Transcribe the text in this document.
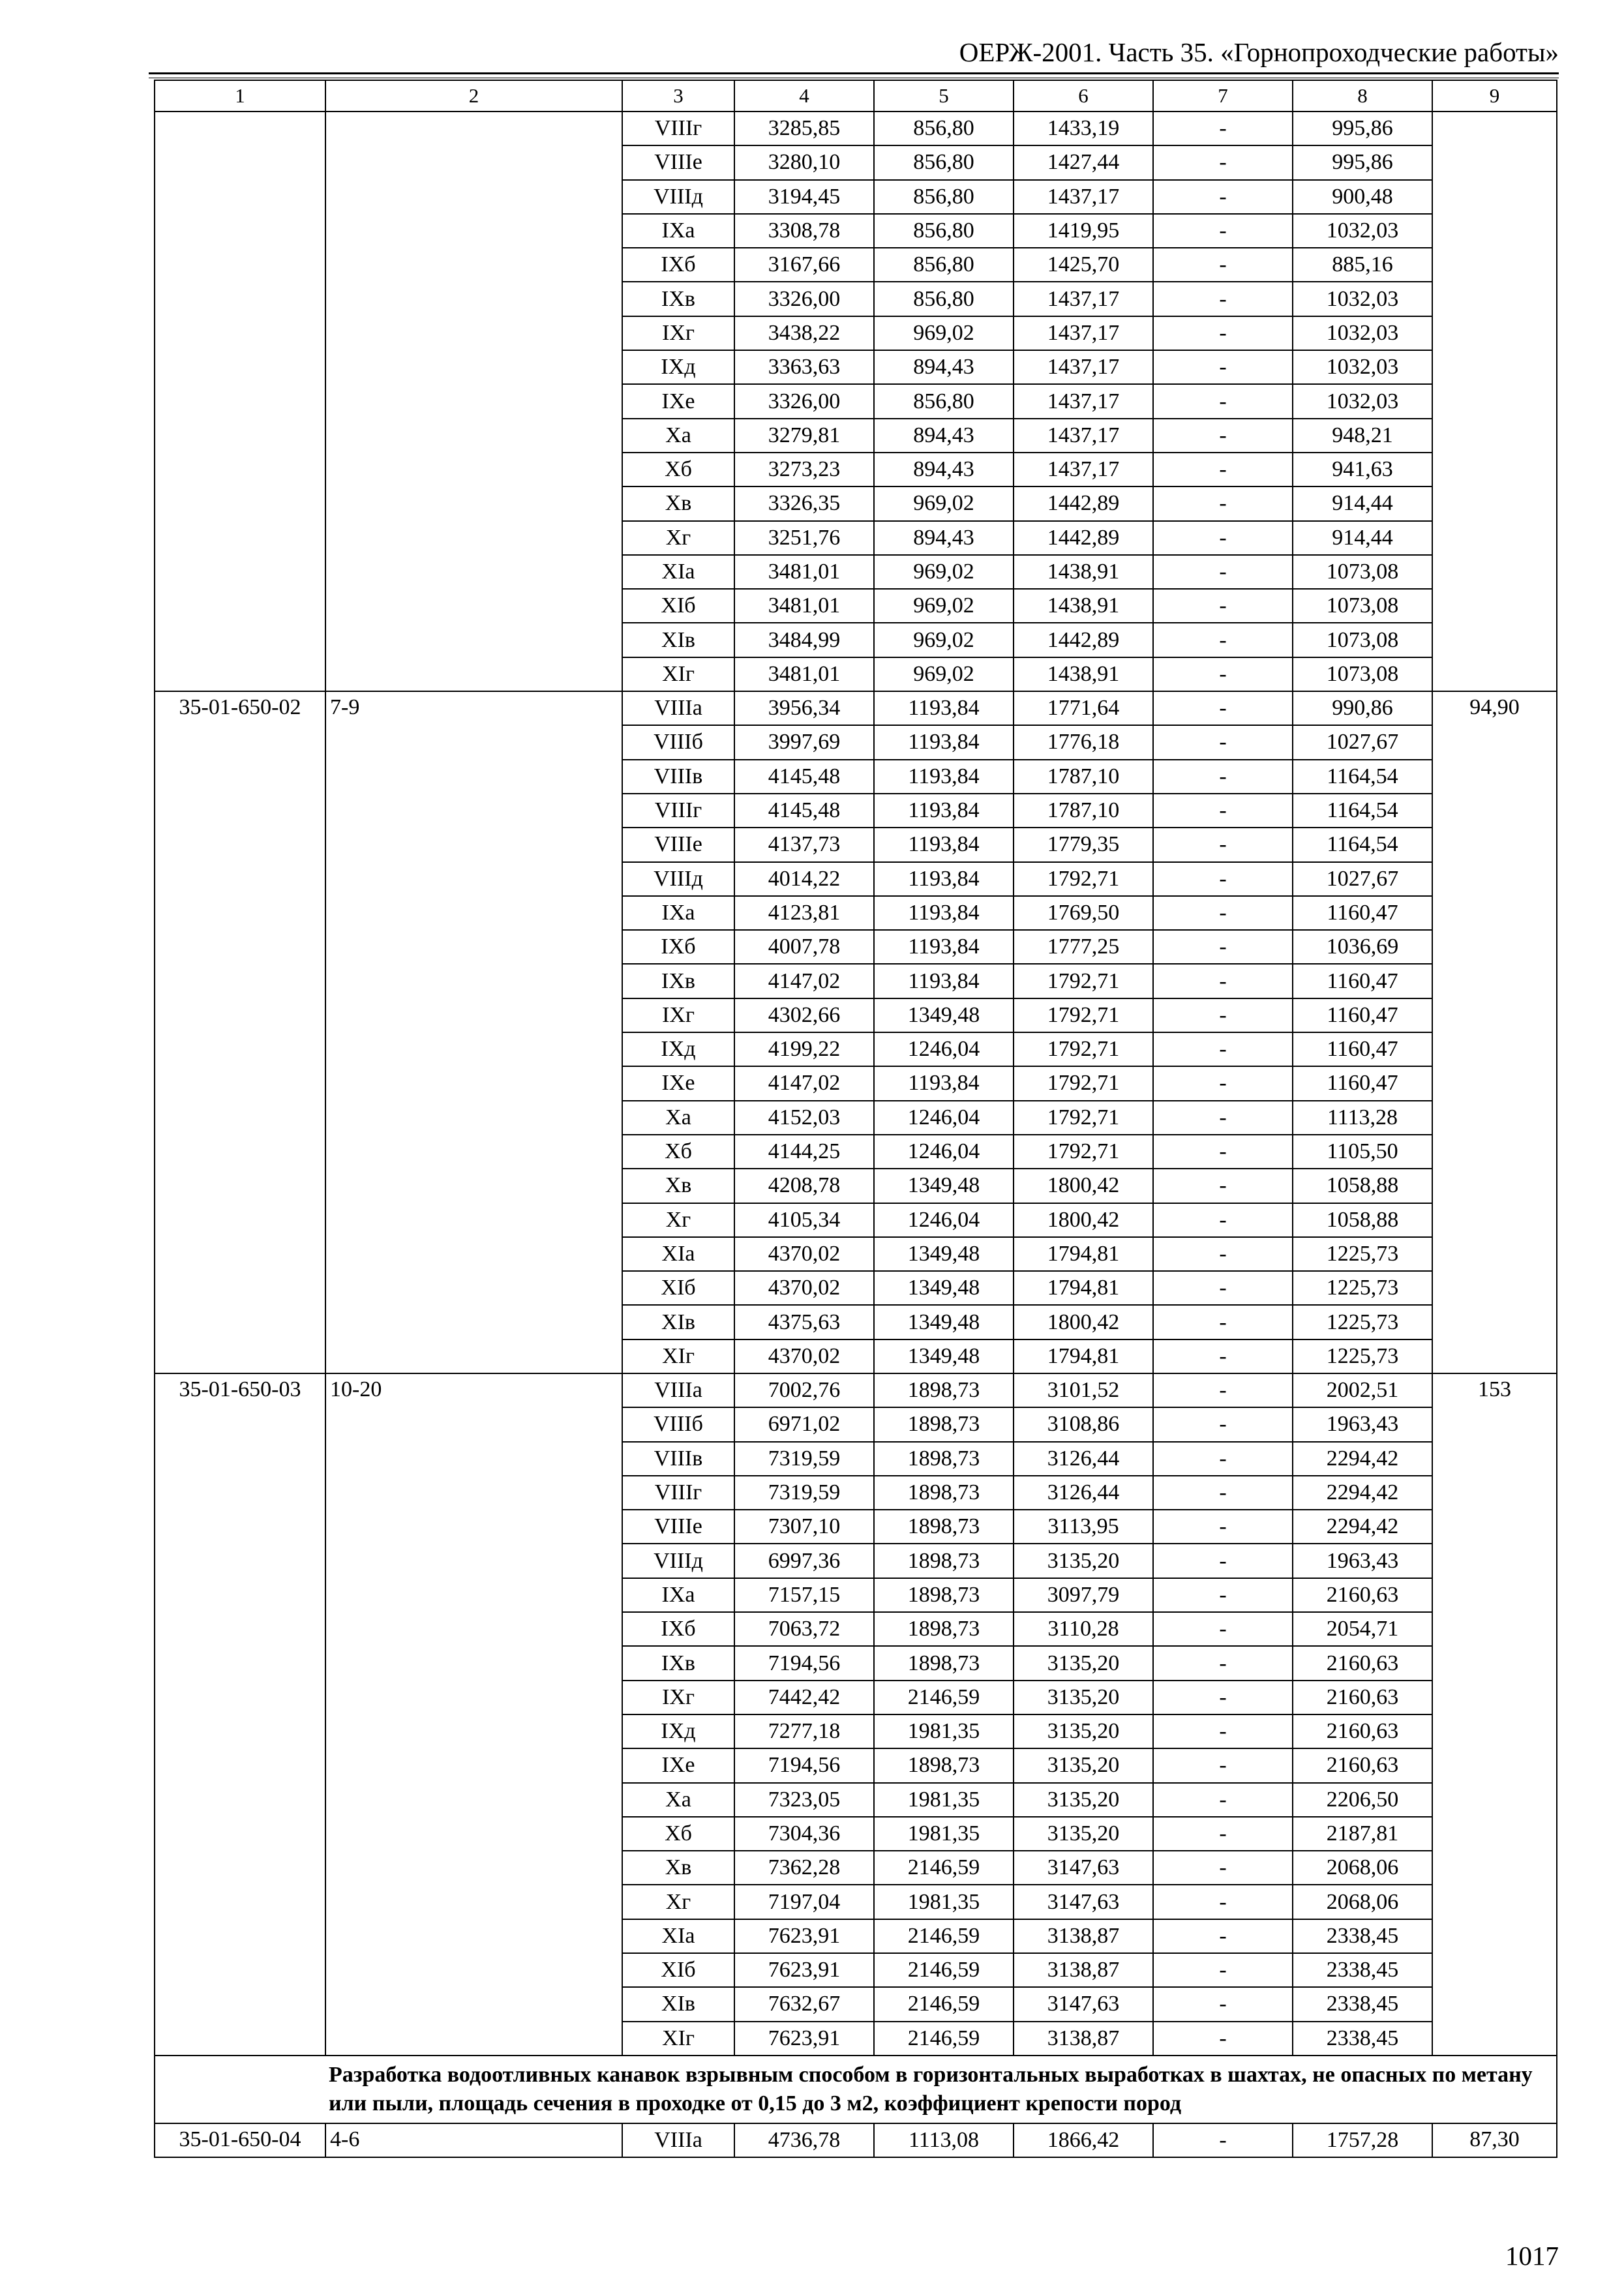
ОЕРЖ-2001. Часть 35. «Горнопроходческие работы»
1	2	3	4	5	6	7	8	9
		VIIIг	3285,85	856,80	1433,19	-	995,86	
		VIIIе	3280,10	856,80	1427,44	-	995,86	
		VIIIд	3194,45	856,80	1437,17	-	900,48	
		IXа	3308,78	856,80	1419,95	-	1032,03	
		IXб	3167,66	856,80	1425,70	-	885,16	
		IXв	3326,00	856,80	1437,17	-	1032,03	
		IXг	3438,22	969,02	1437,17	-	1032,03	
		IXд	3363,63	894,43	1437,17	-	1032,03	
		IXе	3326,00	856,80	1437,17	-	1032,03	
		Xа	3279,81	894,43	1437,17	-	948,21	
		Xб	3273,23	894,43	1437,17	-	941,63	
		Xв	3326,35	969,02	1442,89	-	914,44	
		Xг	3251,76	894,43	1442,89	-	914,44	
		XIа	3481,01	969,02	1438,91	-	1073,08	
		XIб	3481,01	969,02	1438,91	-	1073,08	
		XIв	3484,99	969,02	1442,89	-	1073,08	
		XIг	3481,01	969,02	1438,91	-	1073,08	
35-01-650-02	7-9	VIIIа	3956,34	1193,84	1771,64	-	990,86	94,90
		VIIIб	3997,69	1193,84	1776,18	-	1027,67	
		VIIIв	4145,48	1193,84	1787,10	-	1164,54	
		VIIIг	4145,48	1193,84	1787,10	-	1164,54	
		VIIIе	4137,73	1193,84	1779,35	-	1164,54	
		VIIIд	4014,22	1193,84	1792,71	-	1027,67	
		IXа	4123,81	1193,84	1769,50	-	1160,47	
		IXб	4007,78	1193,84	1777,25	-	1036,69	
		IXв	4147,02	1193,84	1792,71	-	1160,47	
		IXг	4302,66	1349,48	1792,71	-	1160,47	
		IXд	4199,22	1246,04	1792,71	-	1160,47	
		IXе	4147,02	1193,84	1792,71	-	1160,47	
		Xа	4152,03	1246,04	1792,71	-	1113,28	
		Xб	4144,25	1246,04	1792,71	-	1105,50	
		Xв	4208,78	1349,48	1800,42	-	1058,88	
		Xг	4105,34	1246,04	1800,42	-	1058,88	
		XIа	4370,02	1349,48	1794,81	-	1225,73	
		XIб	4370,02	1349,48	1794,81	-	1225,73	
		XIв	4375,63	1349,48	1800,42	-	1225,73	
		XIг	4370,02	1349,48	1794,81	-	1225,73	
35-01-650-03	10-20	VIIIа	7002,76	1898,73	3101,52	-	2002,51	153
		VIIIб	6971,02	1898,73	3108,86	-	1963,43	
		VIIIв	7319,59	1898,73	3126,44	-	2294,42	
		VIIIг	7319,59	1898,73	3126,44	-	2294,42	
		VIIIе	7307,10	1898,73	3113,95	-	2294,42	
		VIIIд	6997,36	1898,73	3135,20	-	1963,43	
		IXа	7157,15	1898,73	3097,79	-	2160,63	
		IXб	7063,72	1898,73	3110,28	-	2054,71	
		IXв	7194,56	1898,73	3135,20	-	2160,63	
		IXг	7442,42	2146,59	3135,20	-	2160,63	
		IXд	7277,18	1981,35	3135,20	-	2160,63	
		IXе	7194,56	1898,73	3135,20	-	2160,63	
		Xа	7323,05	1981,35	3135,20	-	2206,50	
		Xб	7304,36	1981,35	3135,20	-	2187,81	
		Xв	7362,28	2146,59	3147,63	-	2068,06	
		Xг	7197,04	1981,35	3147,63	-	2068,06	
		XIа	7623,91	2146,59	3138,87	-	2338,45	
		XIб	7623,91	2146,59	3138,87	-	2338,45	
		XIв	7632,67	2146,59	3147,63	-	2338,45	
		XIг	7623,91	2146,59	3138,87	-	2338,45	
Разработка водоотливных канавок взрывным способом в горизонтальных выработках в шахтах, не опасных по метану или пыли, площадь сечения в проходке от 0,15 до 3 м2, коэффициент крепости пород								
35-01-650-04	4-6	VIIIа	4736,78	1113,08	1866,42	-	1757,28	87,30
1017
